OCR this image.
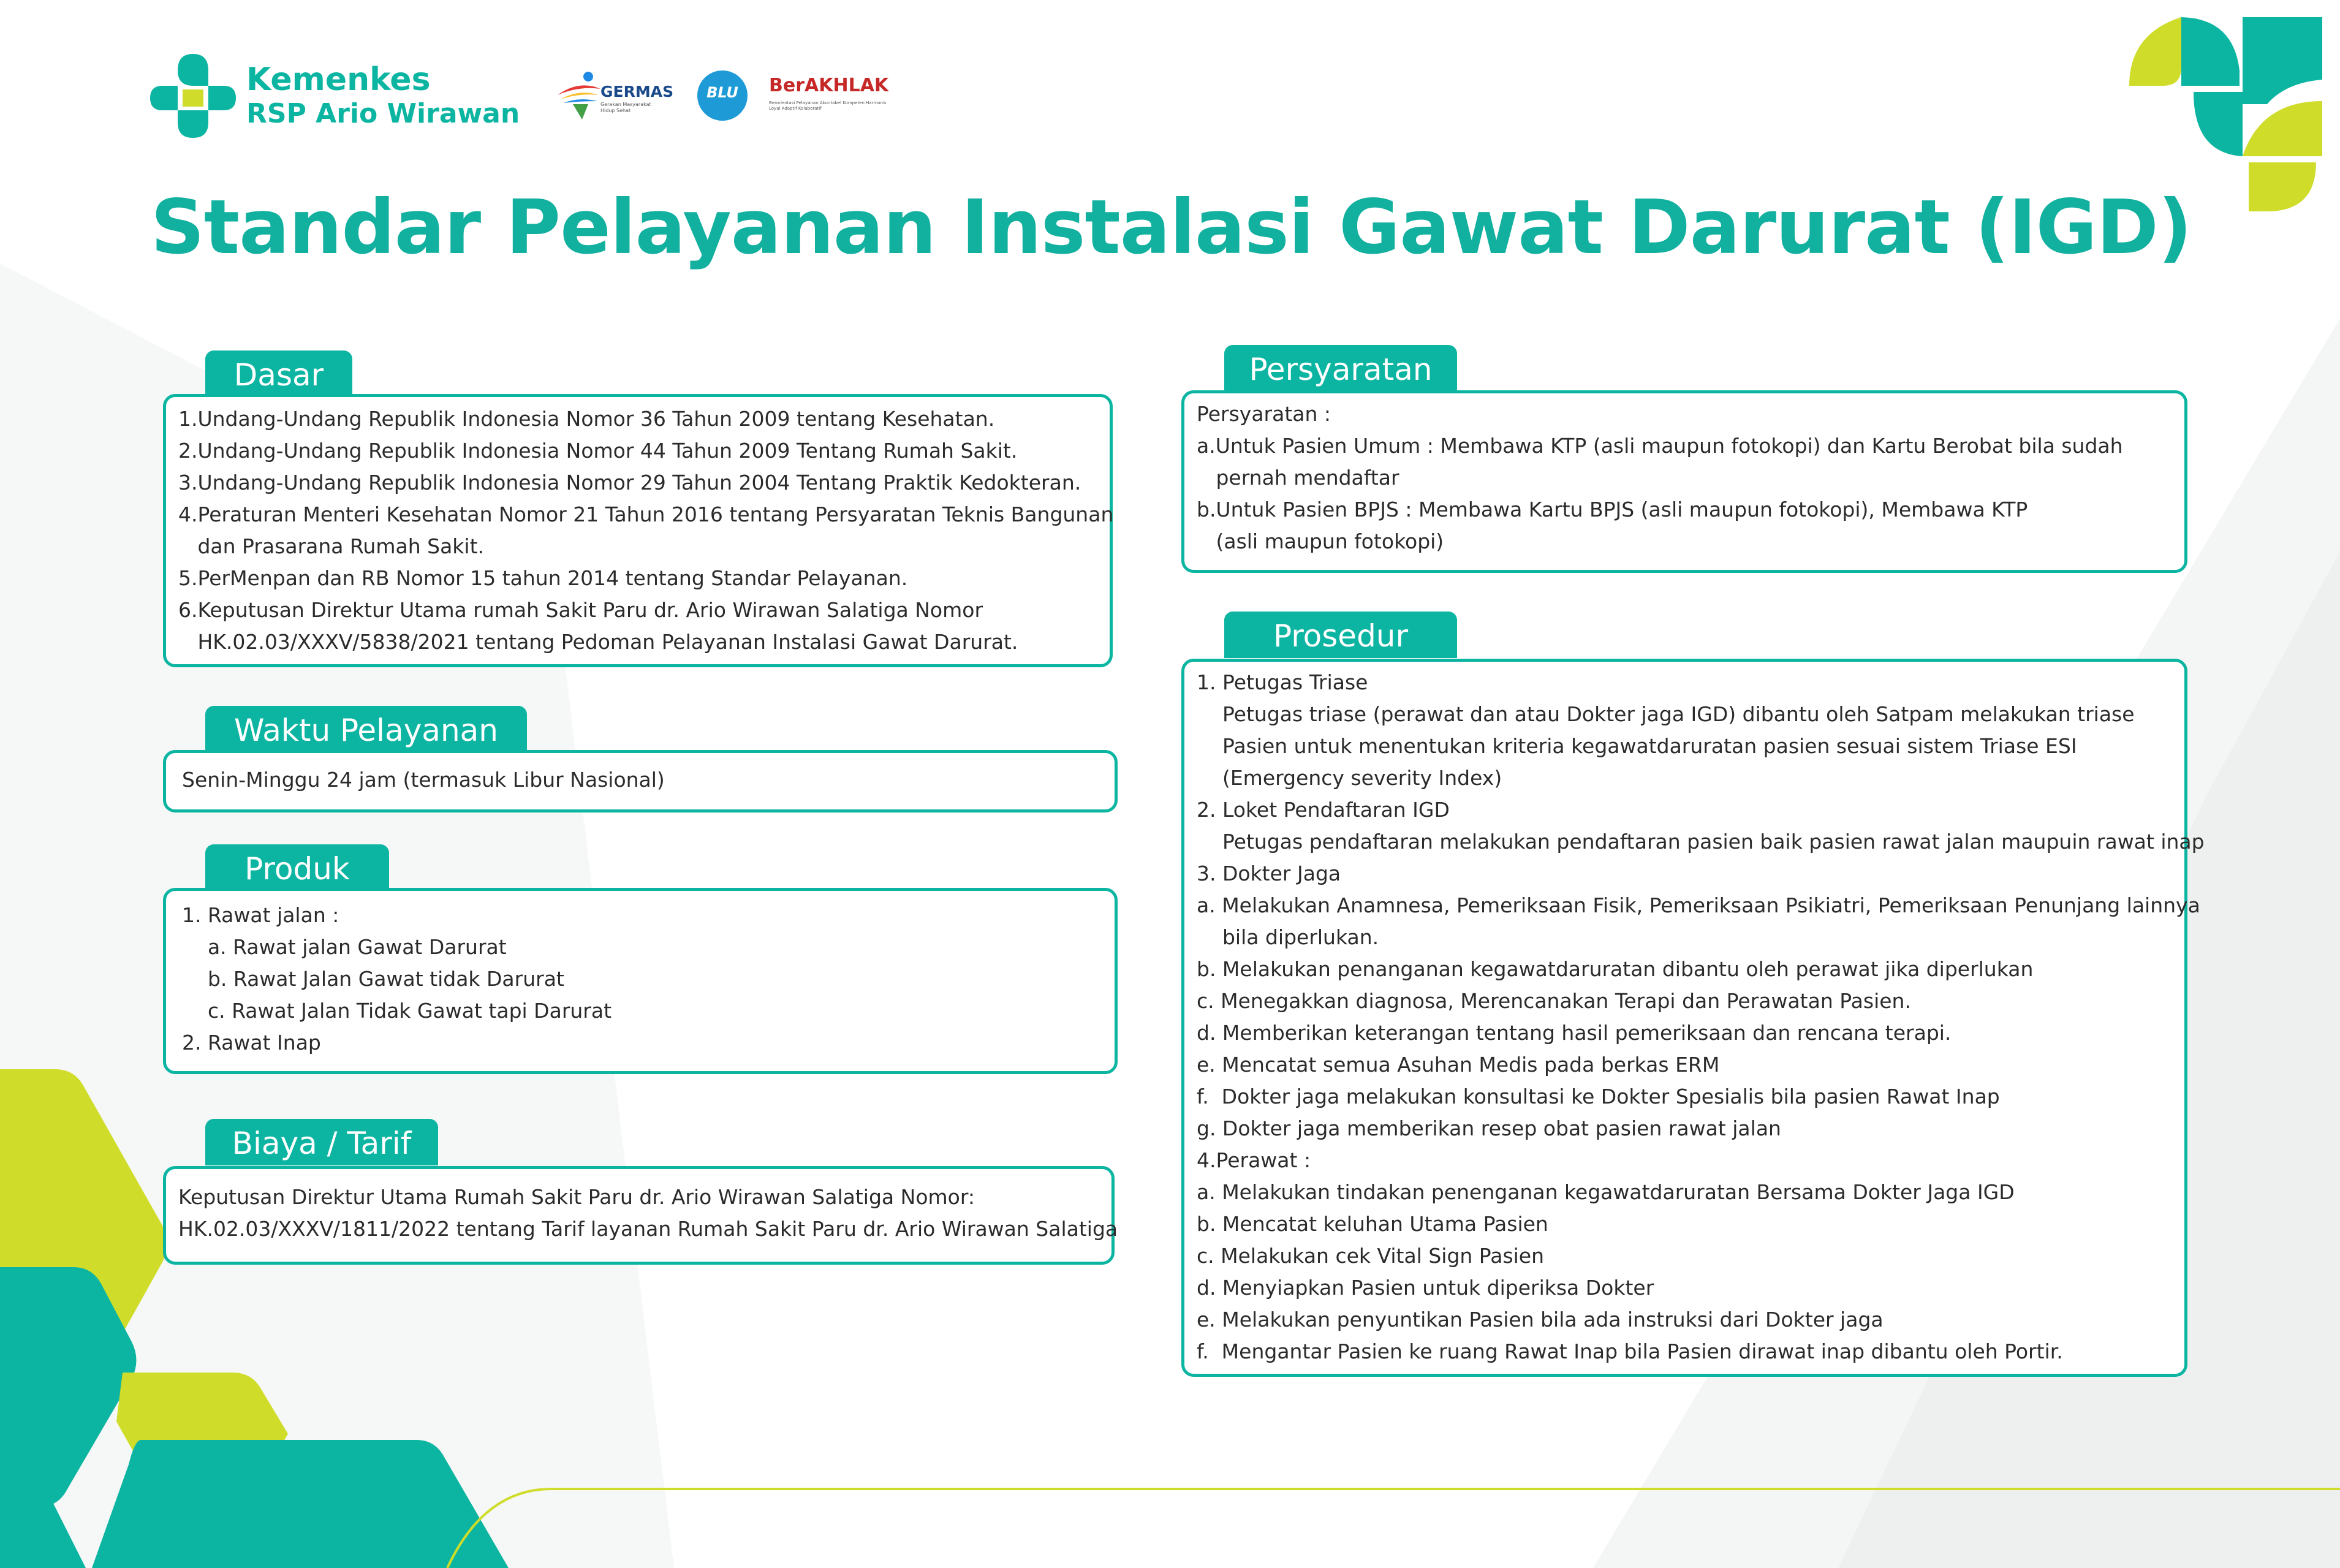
Kemenkes
RSP Ario Wirawan
GERMAS
Gerakan Masyarakat Hidup Sehat
BLU	BerAKHLAK
Berorientasi Pelayanan Akuntabel Kompeten Harmonis Loyal Adaptif Kolaboratif
Standar Pelayanan Instalasi Gawat Darurat (IGD)
Dasar
1.Undang-Undang Republik Indonesia Nomor 36 Tahun 2009 tentang Kesehatan.
2.Undang-Undang Republik Indonesia Nomor 44 Tahun 2009 Tentang Rumah Sakit.
3.Undang-Undang Republik Indonesia Nomor 29 Tahun 2004 Tentang Praktik Kedokteran.
4.Peraturan Menteri Kesehatan Nomor 21 Tahun 2016 tentang Persyaratan Teknis Bangunan
dan Prasarana Rumah Sakit.
5.PerMenpan dan RB Nomor 15 tahun 2014 tentang Standar Pelayanan.
6.Keputusan Direktur Utama rumah Sakit Paru dr. Ario Wirawan Salatiga Nomor
HK.02.03/XXXV/5838/2021 tentang Pedoman Pelayanan Instalasi Gawat Darurat.
Waktu Pelayanan
Senin-Minggu 24 jam (termasuk Libur Nasional)
Produk
1. Rawat jalan :
a. Rawat jalan Gawat Darurat
b. Rawat Jalan Gawat tidak Darurat
c. Rawat Jalan Tidak Gawat tapi Darurat
2. Rawat Inap
Biaya / Tarif
Keputusan Direktur Utama Rumah Sakit Paru dr. Ario Wirawan Salatiga Nomor:
HK.02.03/XXXV/1811/2022 tentang Tarif layanan Rumah Sakit Paru dr. Ario Wirawan Salatiga
Persyaratan
Persyaratan :
a.Untuk Pasien Umum : Membawa KTP (asli maupun fotokopi) dan Kartu Berobat bila sudah
pernah mendaftar
b.Untuk Pasien BPJS : Membawa Kartu BPJS (asli maupun fotokopi), Membawa KTP
(asli maupun fotokopi)
Prosedur
1. Petugas Triase
Petugas triase (perawat dan atau Dokter jaga IGD) dibantu oleh Satpam melakukan triase
Pasien untuk menentukan kriteria kegawatdaruratan pasien sesuai sistem Triase ESI
(Emergency severity Index)
2. Loket Pendaftaran IGD
Petugas pendaftaran melakukan pendaftaran pasien baik pasien rawat jalan maupuin rawat inap
3. Dokter Jaga
a. Melakukan Anamnesa, Pemeriksaan Fisik, Pemeriksaan Psikiatri, Pemeriksaan Penunjang lainnya
bila diperlukan.
b. Melakukan penanganan kegawatdaruratan dibantu oleh perawat jika diperlukan
c. Menegakkan diagnosa, Merencanakan Terapi dan Perawatan Pasien.
d. Memberikan keterangan tentang hasil pemeriksaan dan rencana terapi.
e. Mencatat semua Asuhan Medis pada berkas ERM
f.  Dokter jaga melakukan konsultasi ke Dokter Spesialis bila pasien Rawat Inap
g. Dokter jaga memberikan resep obat pasien rawat jalan
4.Perawat :
a. Melakukan tindakan penenganan kegawatdaruratan Bersama Dokter Jaga IGD
b. Mencatat keluhan Utama Pasien
c. Melakukan cek Vital Sign Pasien
d. Menyiapkan Pasien untuk diperiksa Dokter
e. Melakukan penyuntikan Pasien bila ada instruksi dari Dokter jaga
f.  Mengantar Pasien ke ruang Rawat Inap bila Pasien dirawat inap dibantu oleh Portir.
